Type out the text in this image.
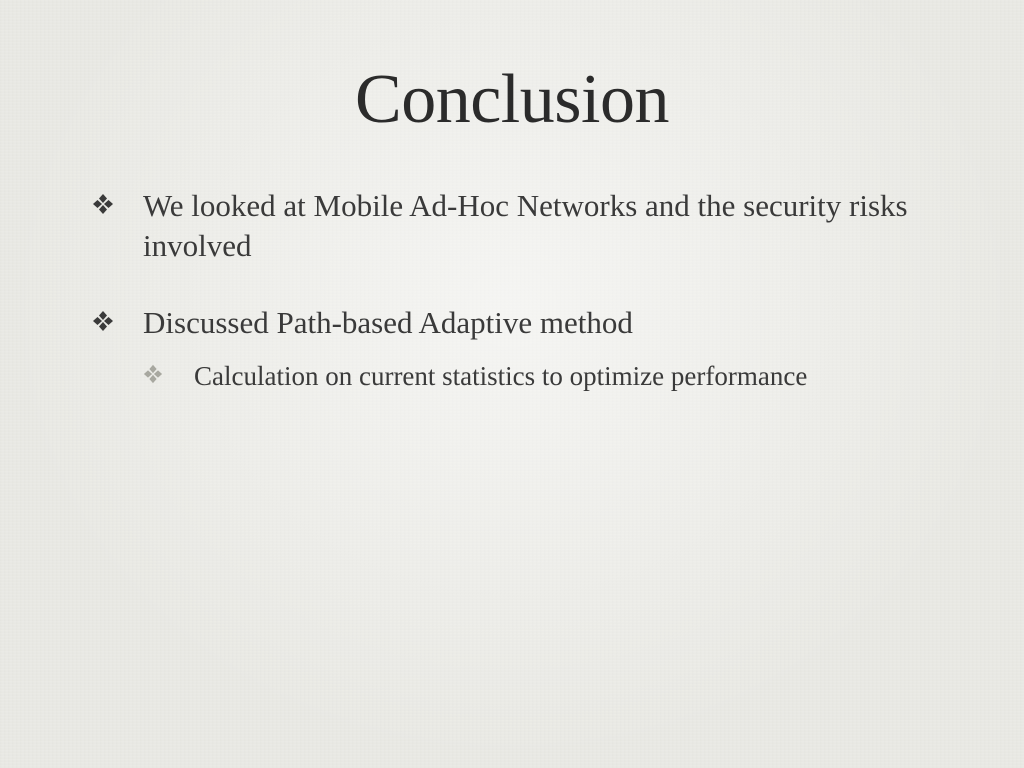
Conclusion
We looked at Mobile Ad-Hoc Networks and the security risks involved
Discussed Path-based Adaptive method
Calculation on current statistics to optimize performance
